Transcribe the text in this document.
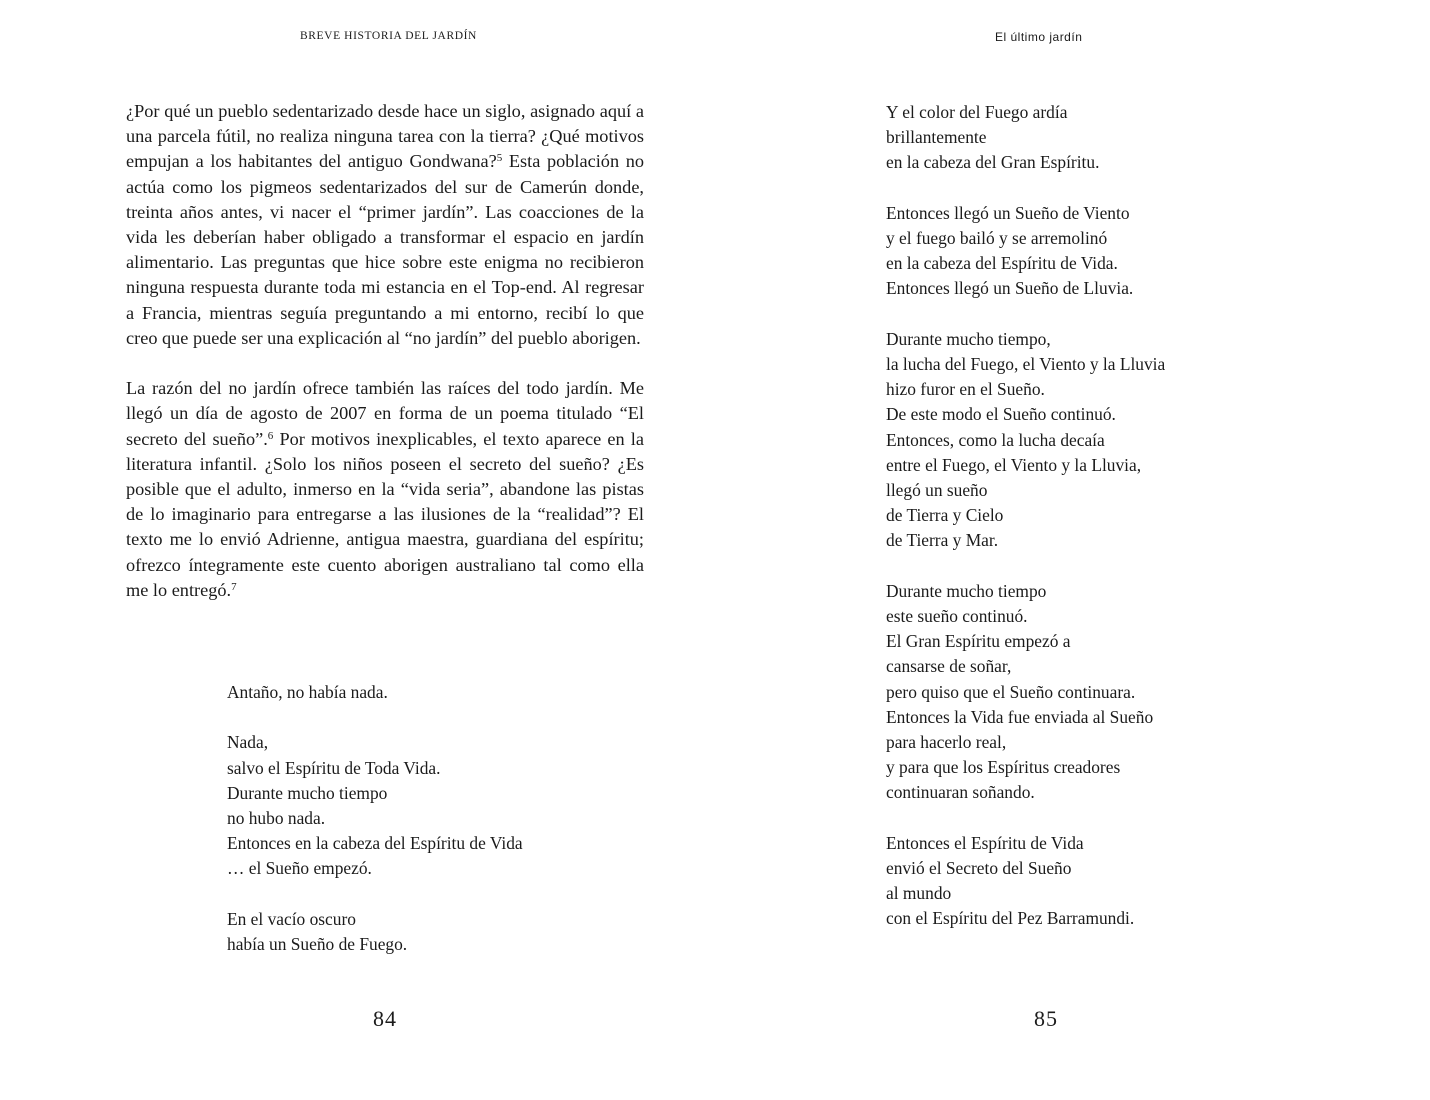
BREVE HISTORIA DEL JARDÍN

¿Por qué un pueblo sedentarizado desde hace un siglo, asignado aquí a una parcela fútil, no realiza ninguna tarea con la tierra? ¿Qué motivos empujan a los habitantes del antiguo Gondwana?$^5$ Esta población no actúa como los pigmeos sedentarizados del sur de Camerún donde, treinta años antes, vi nacer el “primer jardín”. Las coacciones de la vida les deberían haber obligado a transformar el espacio en jardín alimentario. Las preguntas que hice sobre este enigma no recibieron ninguna respuesta durante toda mi estancia en el Top-end. Al regresar a Francia, mientras seguía preguntando a mi entorno, recibí lo que creo que puede ser una explicación al “no jardín” del pueblo aborigen.

La razón del no jardín ofrece también las raíces del todo jardín. Me llegó un día de agosto de 2007 en forma de un poema titulado “El secreto del sueño”.$^6$ Por motivos inexplicables, el texto aparece en la literatura infantil. ¿Solo los niños poseen el secreto del sueño? ¿Es posible que el adulto, inmerso en la “vida seria”, abandone las pistas de lo imaginario para entregarse a las ilusiones de la “realidad”? El texto me lo envió Adrienne, antigua maestra, guardiana del espíritu; ofrezco íntegramente este cuento aborigen australiano tal como ella me lo entregó.$^7$

Antaño, no había nada.
Nada,
salvo el Espíritu de Toda Vida.
Durante mucho tiempo
no hubo nada.
Entonces en la cabeza del Espíritu de Vida
… el Sueño empezó.
En el vacío oscuro
había un Sueño de Fuego.
84
El último jardín
Y el color del Fuego ardía
brillantemente
en la cabeza del Gran Espíritu.
Entonces llegó un Sueño de Viento
y el fuego bailó y se arremolinó
en la cabeza del Espíritu de Vida.
Entonces llegó un Sueño de Lluvia.
Durante mucho tiempo,
la lucha del Fuego, el Viento y la Lluvia
hizo furor en el Sueño.
De este modo el Sueño continuó.
Entonces, como la lucha decaía
entre el Fuego, el Viento y la Lluvia,
llegó un sueño
de Tierra y Cielo
de Tierra y Mar.
Durante mucho tiempo
este sueño continuó.
El Gran Espíritu empezó a
cansarse de soñar,
pero quiso que el Sueño continuara.
Entonces la Vida fue enviada al Sueño
para hacerlo real,
y para que los Espíritus creadores
continuaran soñando.
Entonces el Espíritu de Vida
envió el Secreto del Sueño
al mundo
con el Espíritu del Pez Barramundi.
85
